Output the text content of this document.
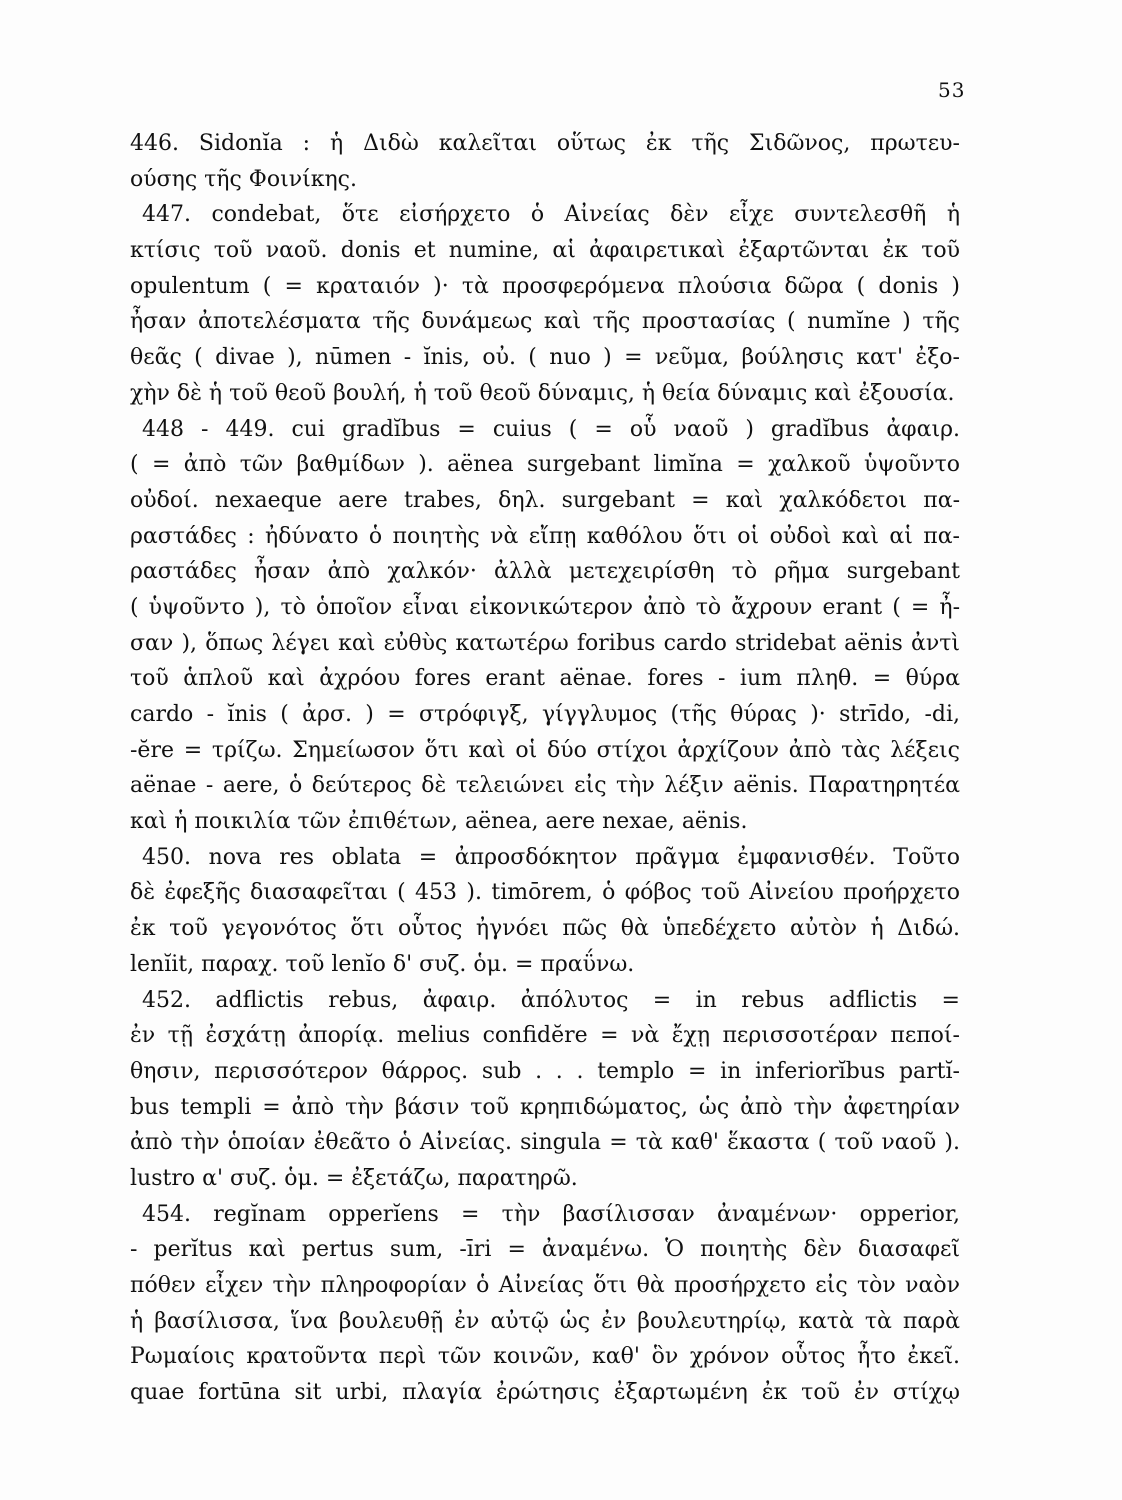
53
446. Sidonĭa : ἡ Διδὼ καλεῖται οὕτως ἐκ τῆς Σιδῶνος, πρωτευ-
ούσης τῆς Φοινίκης.
447. condebat, ὅτε εἰσήρχετο ὁ Αἰνείας δὲν εἶχε συντελεσθῆ ἡ
κτίσις τοῦ ναοῦ. donis et numine, αἱ ἀφαιρετικαὶ ἐξαρτῶνται ἐκ τοῦ
opulentum ( = κραταιόν )· τὰ προσφερόμενα πλούσια δῶρα ( donis )
ἦσαν ἀποτελέσματα τῆς δυνάμεως καὶ τῆς προστασίας ( numĭne ) τῆς
θεᾶς ( divae ), nūmen - ĭnis, οὐ. ( nuo ) = νεῦμα, βούλησις κατ' ἐξο-
χὴν δὲ ἡ τοῦ θεοῦ βουλή, ἡ τοῦ θεοῦ δύναμις, ἡ θεία δύναμις καὶ ἐξουσία.
448 - 449. cui gradĭbus = cuius ( = οὗ ναοῦ ) gradĭbus ἀφαιρ.
( = ἀπὸ τῶν βαθμίδων ). aënea surgebant limĭna = χαλκοῦ ὑψοῦντο
οὐδοί. nexaeque aere trabes, δηλ. surgebant = καὶ χαλκόδετοι πα-
ραστάδες : ἠδύνατο ὁ ποιητὴς νὰ εἴπῃ καθόλου ὅτι οἱ οὐδοὶ καὶ αἱ πα-
ραστάδες ἦσαν ἀπὸ χαλκόν· ἀλλὰ μετεχειρίσθη τὸ ρῆμα surgebant
( ὑψοῦντο ), τὸ ὁποῖον εἶναι εἰκονικώτερον ἀπὸ τὸ ἄχρουν erant ( = ἦ-
σαν ), ὅπως λέγει καὶ εὐθὺς κατωτέρω foribus cardo stridebat aënis ἀντὶ
τοῦ ἁπλοῦ καὶ ἀχρόου fores erant aënae. fores - ium πληθ. = θύρα
cardo - ĭnis ( ἀρσ. ) = στρόφιγξ, γίγγλυμος (τῆς θύρας )· strīdo, -di,
-ĕre = τρίζω. Σημείωσον ὅτι καὶ οἱ δύο στίχοι ἀρχίζουν ἀπὸ τὰς λέξεις
aënae - aere, ὁ δεύτερος δὲ τελειώνει εἰς τὴν λέξιν aënis. Παρατηρητέα
καὶ ἡ ποικιλία τῶν ἐπιθέτων, aënea, aere nexae, aënis.
450. nova res oblata = ἀπροσδόκητον πρᾶγμα ἐμφανισθέν. Τοῦτο
δὲ ἐφεξῆς διασαφεῖται ( 453 ). timōrem, ὁ φόβος τοῦ Αἰνείου προήρχετο
ἐκ τοῦ γεγονότος ὅτι οὗτος ἠγνόει πῶς θὰ ὑπεδέχετο αὐτὸν ἡ Διδώ.
lenĭit, παραχ. τοῦ lenĭo δ' συζ. ὁμ. = πραΰνω.
452. adflictis rebus, ἀφαιρ. ἀπόλυτος = in rebus adflictis =
ἐν τῇ ἐσχάτῃ ἀπορίᾳ. melius confidĕre = νὰ ἔχῃ περισσοτέραν πεποί-
θησιν, περισσότερον θάρρος. sub . . . templo = in inferiorĭbus partĭ-
bus templi = ἀπὸ τὴν βάσιν τοῦ κρηπιδώματος, ὡς ἀπὸ τὴν ἀφετηρίαν
ἀπὸ τὴν ὁποίαν ἐθεᾶτο ὁ Αἰνείας. singula = τὰ καθ' ἕκαστα ( τοῦ ναοῦ ).
lustro α' συζ. ὁμ. = ἐξετάζω, παρατηρῶ.
454. regĭnam opperĭens = τὴν βασίλισσαν ἀναμένων· opperior,
- perĭtus καὶ pertus sum, -īri = ἀναμένω. Ὁ ποιητὴς δὲν διασαφεῖ
πόθεν εἶχεν τὴν πληροφορίαν ὁ Αἰνείας ὅτι θὰ προσήρχετο εἰς τὸν ναὸν
ἡ βασίλισσα, ἵνα βουλευθῇ ἐν αὐτῷ ὡς ἐν βουλευτηρίῳ, κατὰ τὰ παρὰ
Ρωμαίοις κρατοῦντα περὶ τῶν κοινῶν, καθ' ὃν χρόνον οὗτος ἦτο ἐκεῖ.
quae fortūna sit urbi, πλαγία ἐρώτησις ἐξαρτωμένη ἐκ τοῦ ἐν στίχῳ
